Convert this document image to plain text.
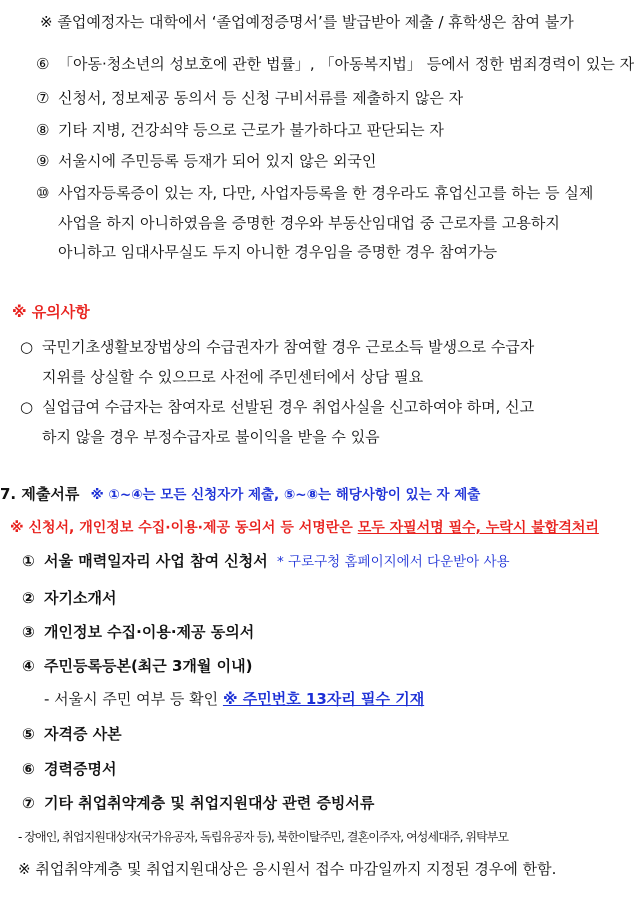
※ 졸업예정자는 대학에서 ‘졸업예정증명서’를 발급받아 제출 / 휴학생은 참여 불가
⑥ 「아동·청소년의 성보호에 관한 법률」, 「아동복지법」 등에서 정한 범죄경력이 있는 자
⑦ 신청서, 정보제공 동의서 등 신청 구비서류를 제출하지 않은 자
⑧ 기타 지병, 건강쇠약 등으로 근로가 불가하다고 판단되는 자
⑨ 서울시에 주민등록 등재가 되어 있지 않은 외국인
⑩ 사업자등록증이 있는 자, 다만, 사업자등록을 한 경우라도 휴업신고를 하는 등 실제
사업을 하지 아니하였음을 증명한 경우와 부동산임대업 중 근로자를 고용하지
아니하고 임대사무실도 두지 아니한 경우임을 증명한 경우 참여가능
※ 유의사항
○ 국민기초생활보장법상의 수급권자가 참여할 경우 근로소득 발생으로 수급자
지위를 상실할 수 있으므로 사전에 주민센터에서 상담 필요
○ 실업급여 수급자는 참여자로 선발된 경우 취업사실을 신고하여야 하며, 신고
하지 않을 경우 부정수급자로 불이익을 받을 수 있음
7. 제출서류 ※ ①~④는 모든 신청자가 제출, ⑤~⑧는 해당사항이 있는 자 제출
※ 신청서, 개인정보 수집·이용·제공 동의서 등 서명란은 모두 자필서명 필수, 누락시 불합격처리
① 서울 매력일자리 사업 참여 신청서 * 구로구청 홈페이지에서 다운받아 사용
② 자기소개서
③ 개인정보 수집·이용·제공 동의서
④ 주민등록등본(최근 3개월 이내)
- 서울시 주민 여부 등 확인 ※ 주민번호 13자리 필수 기재
⑤ 자격증 사본
⑥ 경력증명서
⑦ 기타 취업취약계층 및 취업지원대상 관련 증빙서류
- 장애인, 취업지원대상자(국가유공자, 독립유공자 등), 북한이탈주민, 결혼이주자, 여성세대주, 위탁부모
※ 취업취약계층 및 취업지원대상은 응시원서 접수 마감일까지 지정된 경우에 한함.
